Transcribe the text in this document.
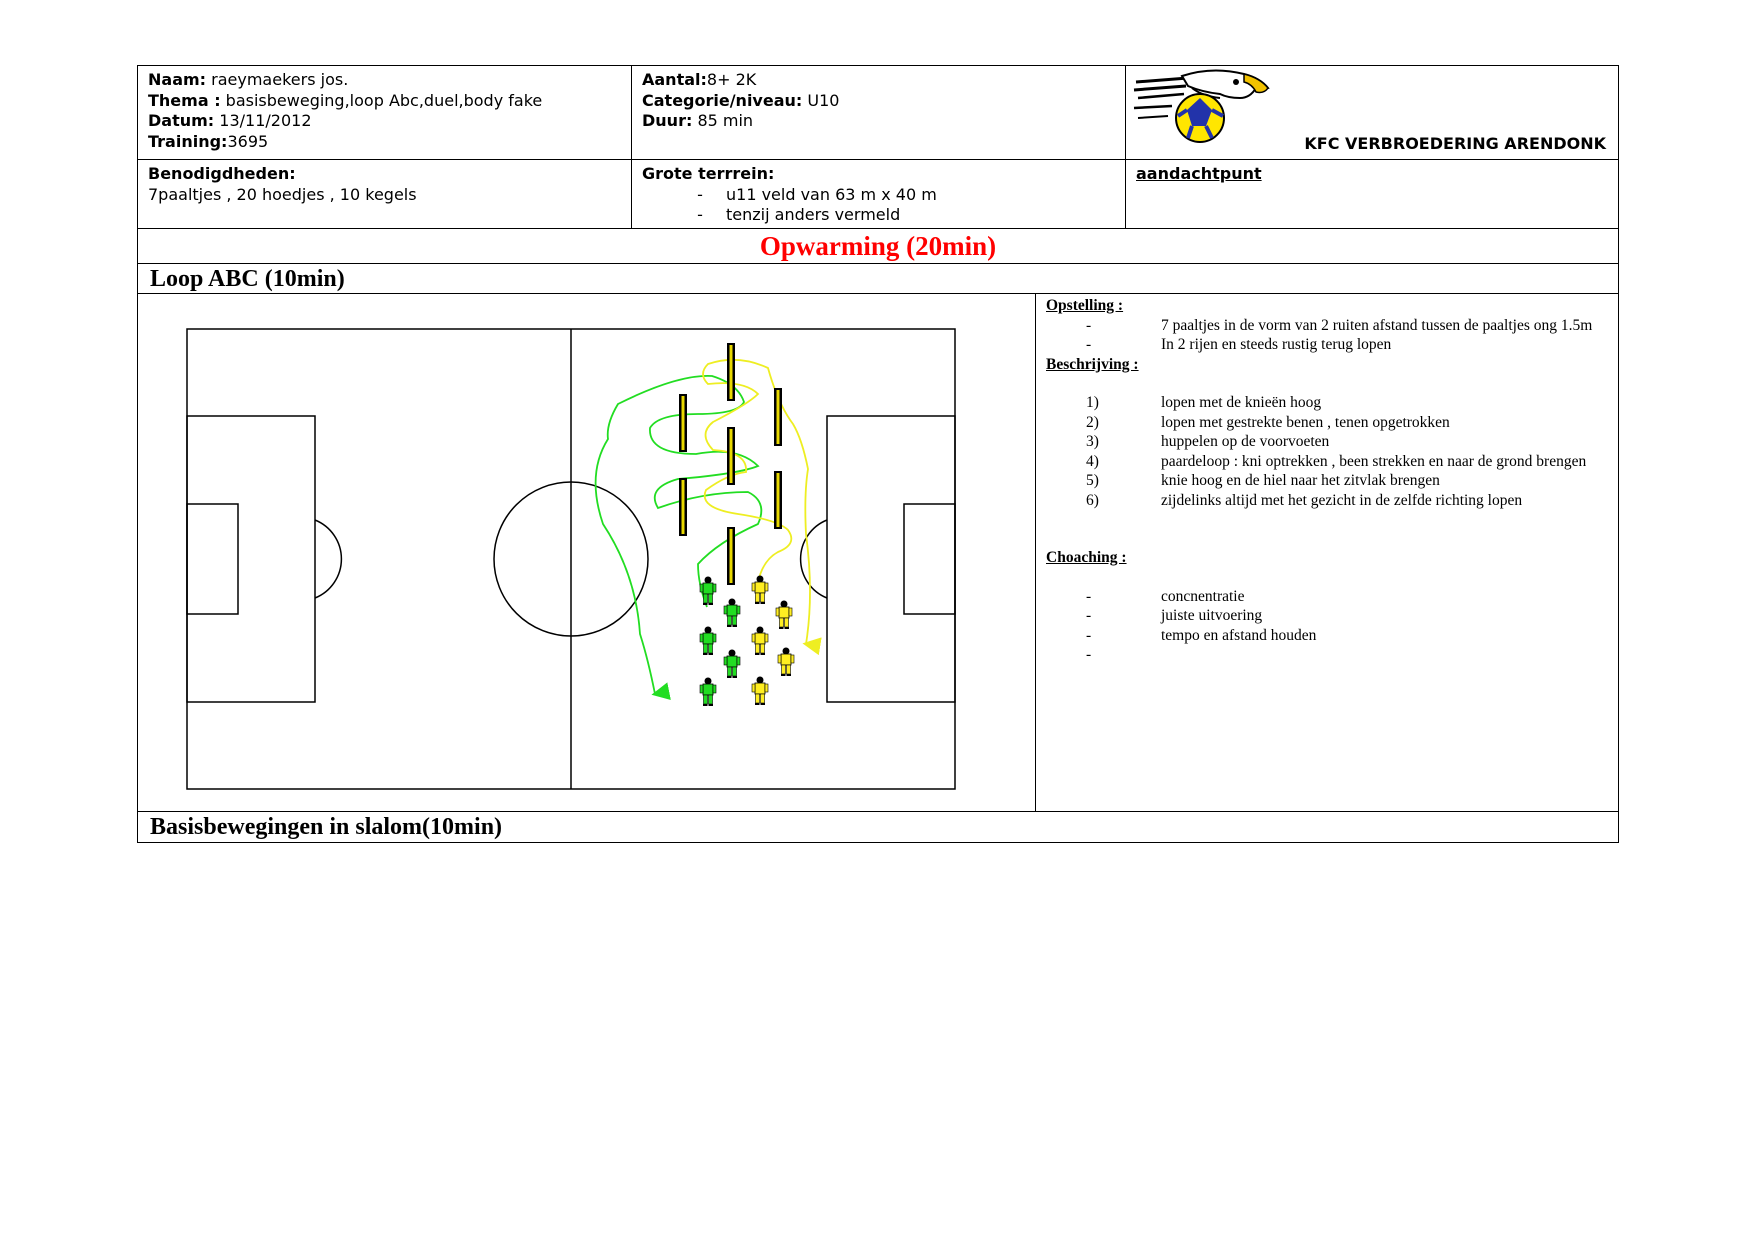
Naam: raeymaekers jos.
Thema : basisbeweging,loop Abc,duel,body fake
Datum: 13/11/2012
Training:3695
Aantal:8+ 2K
Categorie/niveau: U10
Duur: 85 min
KFC VERBROEDERING ARENDONK
Benodigdheden:
7paaltjes , 20 hoedjes , 10 kegels
Grote terrrein:
-	u11 veld van 63 m x 40 m
-	tenzij anders vermeld
aandachtpunt
Opwarming (20min)
Loop ABC (10min)
Opstelling :
-	7 paaltjes in de vorm van 2 ruiten afstand tussen de paaltjes ong 1.5m
-	In 2 rijen en steeds rustig terug lopen
Beschrijving :
1)	lopen met de knieën hoog
2)	lopen met gestrekte benen , tenen opgetrokken
3)	huppelen op de voorvoeten
4)	paardeloop : kni optrekken , been strekken en naar de grond brengen
5)	knie hoog en de hiel naar het zitvlak brengen
6)	zijdelinks altijd met het gezicht in de zelfde richting lopen
Choaching :
-	concnentratie
-	juiste uitvoering
-	tempo en afstand houden
-
Basisbewegingen in slalom(10min)
